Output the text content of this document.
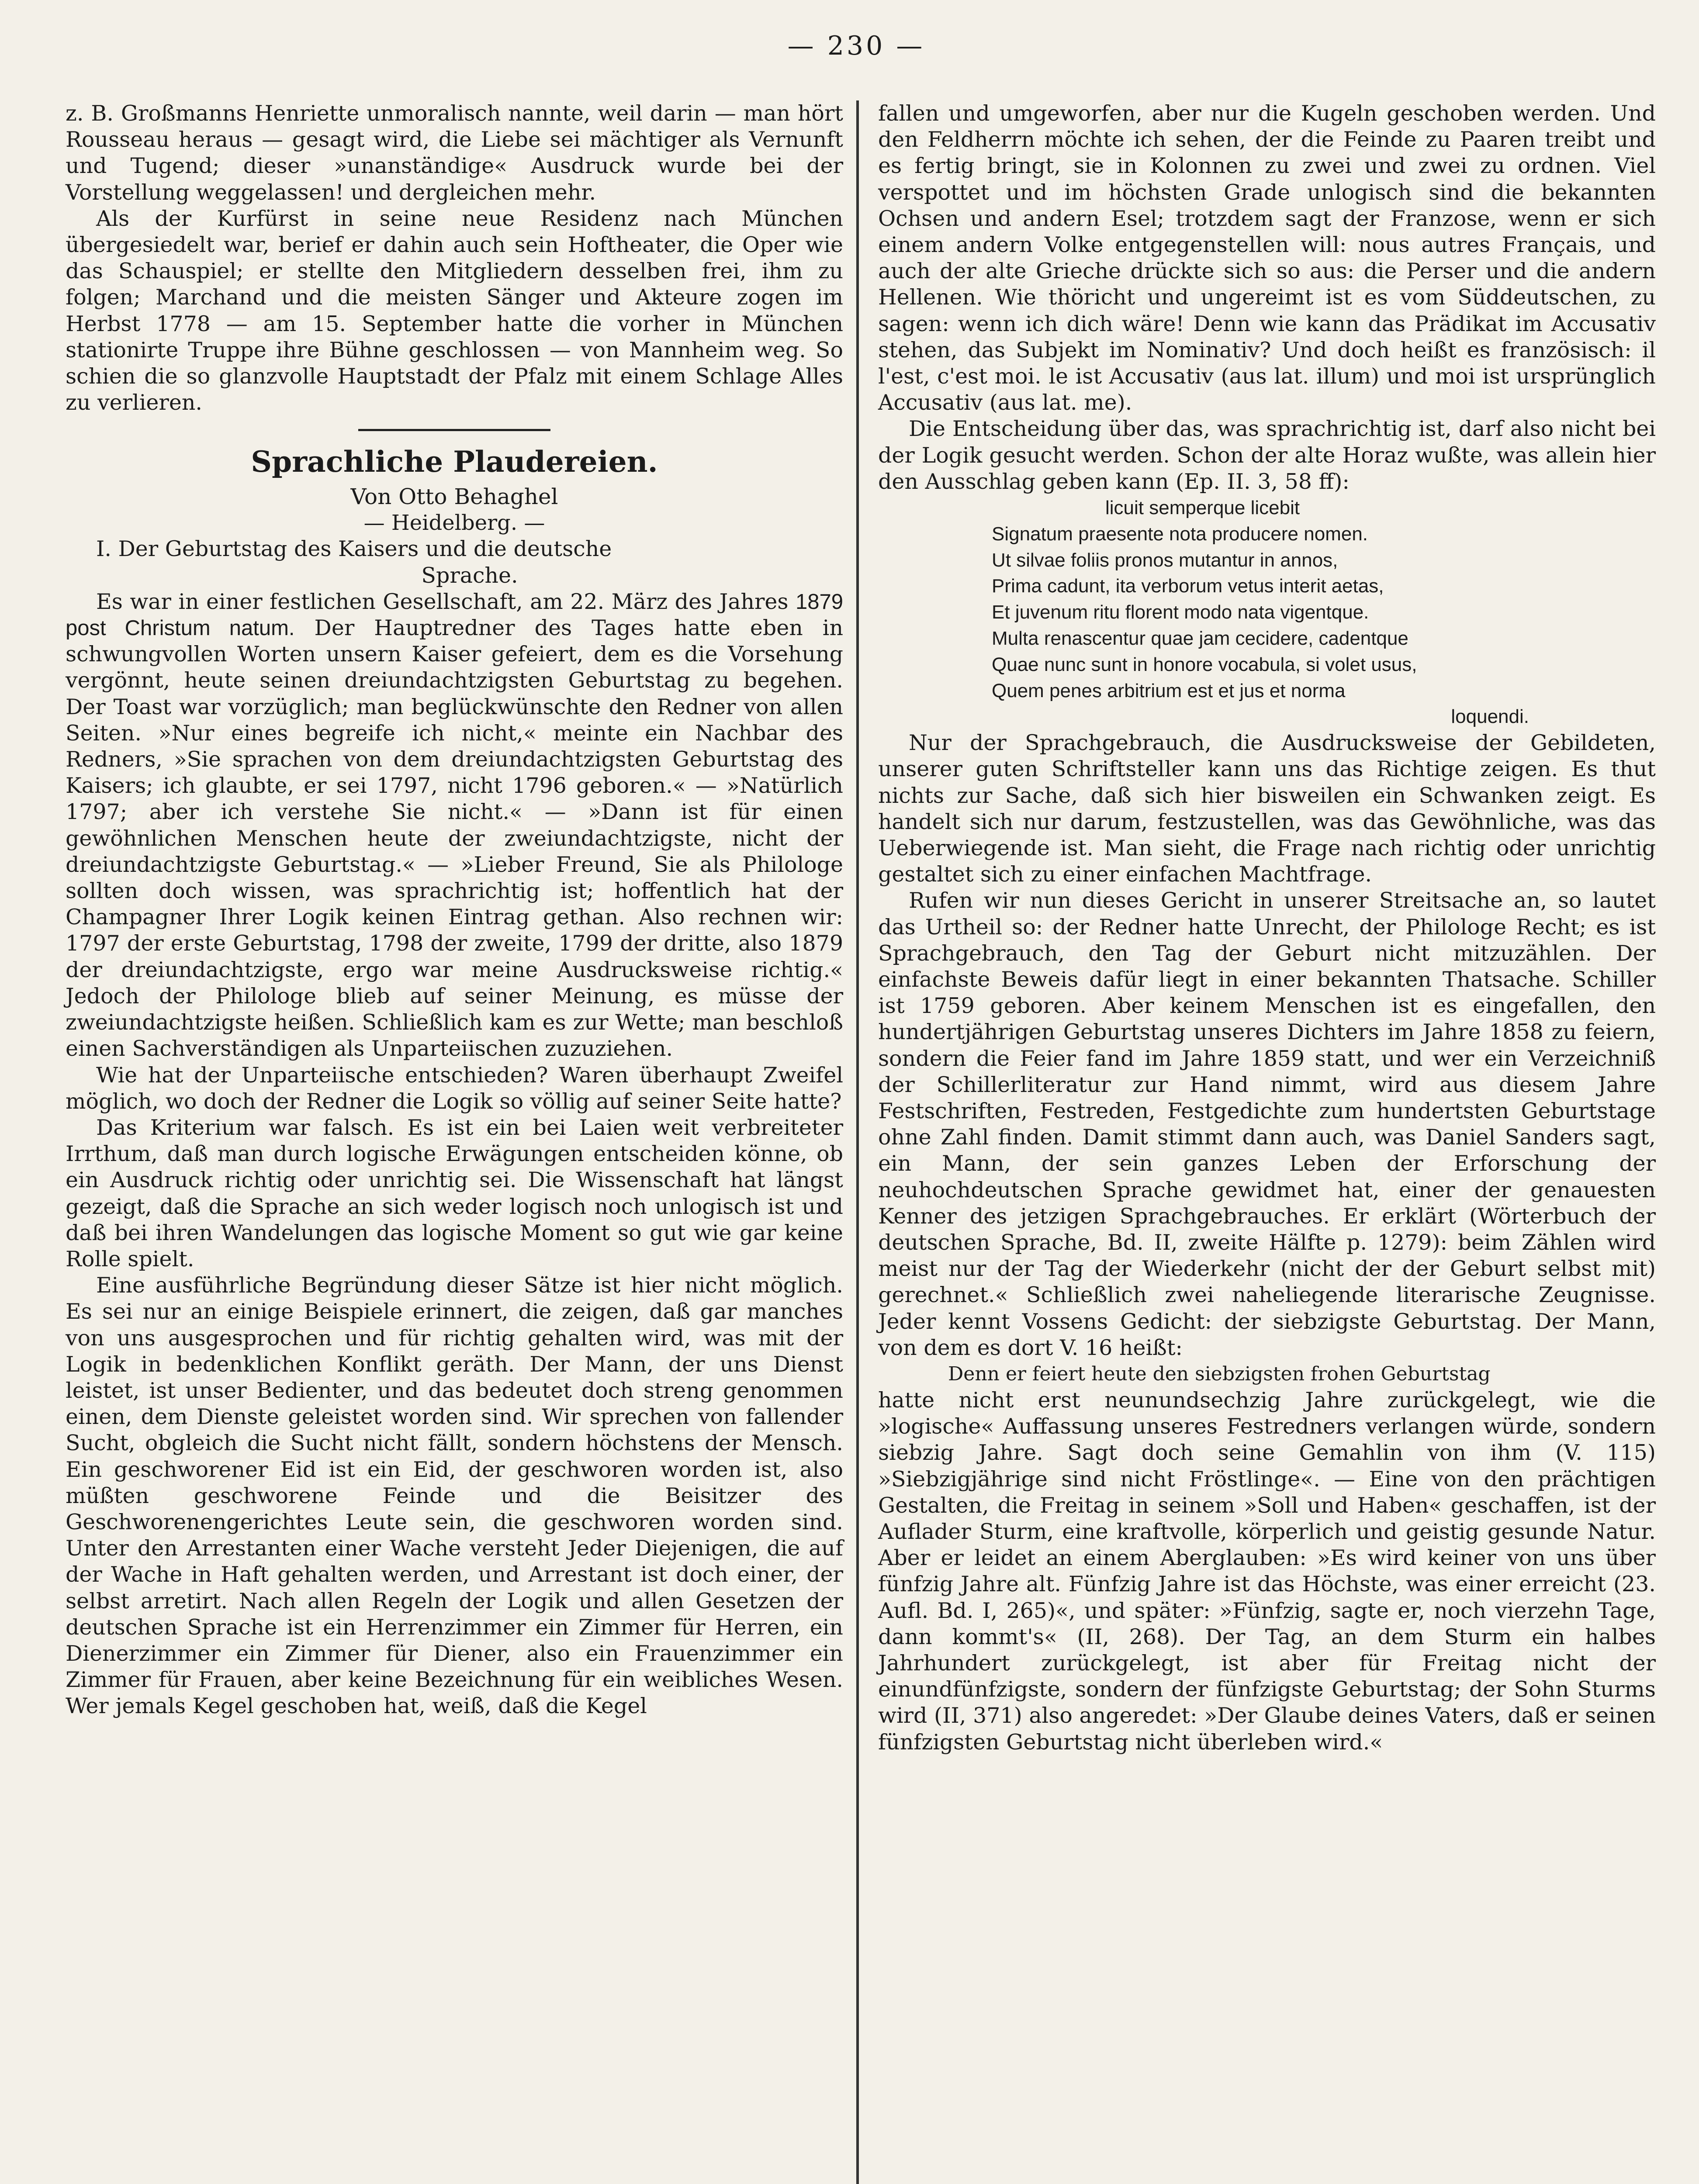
— 230 —

z. B. Großmanns Henriette unmoralisch nannte, weil darin — man hört Rousseau heraus — gesagt wird, die Liebe sei mächtiger als Vernunft und Tugend; dieser »unanständige« Ausdruck wurde bei der Vorstellung weggelassen! und dergleichen mehr.

Als der Kurfürst in seine neue Residenz nach München übergesiedelt war, berief er dahin auch sein Hoftheater, die Oper wie das Schauspiel; er stellte den Mitgliedern desselben frei, ihm zu folgen; Marchand und die meisten Sänger und Akteure zogen im Herbst 1778 — am 15. September hatte die vorher in München stationirte Truppe ihre Bühne geschlossen — von Mannheim weg. So schien die so glanzvolle Hauptstadt der Pfalz mit einem Schlage Alles zu verlieren.

Sprachliche Plaudereien.
Von Otto Behaghel
— Heidelberg. —

I. Der Geburtstag des Kaisers und die deutsche

Sprache.

Es war in einer festlichen Gesellschaft, am 22. März des Jahres 1879 post Christum natum. Der Hauptredner des Tages hatte eben in schwungvollen Worten unsern Kaiser gefeiert, dem es die Vorsehung vergönnt, heute seinen dreiundachtzigsten Geburtstag zu begehen. Der Toast war vorzüglich; man beglückwünschte den Redner von allen Seiten. »Nur eines begreife ich nicht,« meinte ein Nachbar des Redners, »Sie sprachen von dem dreiundachtzigsten Geburtstag des Kaisers; ich glaubte, er sei 1797, nicht 1796 geboren.« — »Natürlich 1797; aber ich verstehe Sie nicht.« — »Dann ist für einen gewöhnlichen Menschen heute der zweiundachtzigste, nicht der dreiundachtzigste Geburtstag.« — »Lieber Freund, Sie als Philologe sollten doch wissen, was sprachrichtig ist; hoffentlich hat der Champagner Ihrer Logik keinen Eintrag gethan. Also rechnen wir: 1797 der erste Geburtstag, 1798 der zweite, 1799 der dritte, also 1879 der dreiundachtzigste, ergo war meine Ausdrucksweise richtig.« Jedoch der Philologe blieb auf seiner Meinung, es müsse der zweiundachtzigste heißen. Schließlich kam es zur Wette; man beschloß einen Sachverständigen als Unparteiischen zuzuziehen.

Wie hat der Unparteiische entschieden? Waren überhaupt Zweifel möglich, wo doch der Redner die Logik so völlig auf seiner Seite hatte?

Das Kriterium war falsch. Es ist ein bei Laien weit verbreiteter Irrthum, daß man durch logische Erwägungen entscheiden könne, ob ein Ausdruck richtig oder unrichtig sei. Die Wissenschaft hat längst gezeigt, daß die Sprache an sich weder logisch noch unlogisch ist und daß bei ihren Wandelungen das logische Moment so gut wie gar keine Rolle spielt.

Eine ausführliche Begründung dieser Sätze ist hier nicht möglich. Es sei nur an einige Beispiele erinnert, die zeigen, daß gar manches von uns ausgesprochen und für richtig gehalten wird, was mit der Logik in bedenklichen Konflikt geräth. Der Mann, der uns Dienst leistet, ist unser Bedienter, und das bedeutet doch streng genommen einen, dem Dienste geleistet worden sind. Wir sprechen von fallender Sucht, obgleich die Sucht nicht fällt, sondern höchstens der Mensch. Ein geschworener Eid ist ein Eid, der geschworen worden ist, also müßten geschworene Feinde und die Beisitzer des Geschworenengerichtes Leute sein, die geschworen worden sind. Unter den Arrestanten einer Wache versteht Jeder Diejenigen, die auf der Wache in Haft gehalten werden, und Arrestant ist doch einer, der selbst arretirt. Nach allen Regeln der Logik und allen Gesetzen der deutschen Sprache ist ein Herrenzimmer ein Zimmer für Herren, ein Dienerzimmer ein Zimmer für Diener, also ein Frauenzimmer ein Zimmer für Frauen, aber keine Bezeichnung für ein weibliches Wesen. Wer jemals Kegel geschoben hat, weiß, daß die Kegel

fallen und umgeworfen, aber nur die Kugeln geschoben werden. Und den Feldherrn möchte ich sehen, der die Feinde zu Paaren treibt und es fertig bringt, sie in Kolonnen zu zwei und zwei zu ordnen. Viel verspottet und im höchsten Grade unlogisch sind die bekannten Ochsen und andern Esel; trotzdem sagt der Franzose, wenn er sich einem andern Volke entgegenstellen will: nous autres Français, und auch der alte Grieche drückte sich so aus: die Perser und die andern Hellenen. Wie thöricht und ungereimt ist es vom Süddeutschen, zu sagen: wenn ich dich wäre! Denn wie kann das Prädikat im Accusativ stehen, das Subjekt im Nominativ? Und doch heißt es französisch: il l'est, c'est moi. le ist Accusativ (aus lat. illum) und moi ist ursprünglich Accusativ (aus lat. me).

Die Entscheidung über das, was sprachrichtig ist, darf also nicht bei der Logik gesucht werden. Schon der alte Horaz wußte, was allein hier den Ausschlag geben kann (Ep. II. 3, 58 ff):

licuit semperque licebit
Signatum praesente nota producere nomen.
Ut silvae foliis pronos mutantur in annos,
Prima cadunt, ita verborum vetus interit aetas,
Et juvenum ritu florent modo nata vigentque.
Multa renascentur quae jam cecidere, cadentque
Quae nunc sunt in honore vocabula, si volet usus,
Quem penes arbitrium est et jus et norma
loquendi.

Nur der Sprachgebrauch, die Ausdrucksweise der Gebildeten, unserer guten Schriftsteller kann uns das Richtige zeigen. Es thut nichts zur Sache, daß sich hier bisweilen ein Schwanken zeigt. Es handelt sich nur darum, festzustellen, was das Gewöhnliche, was das Ueberwiegende ist. Man sieht, die Frage nach richtig oder unrichtig gestaltet sich zu einer einfachen Machtfrage.

Rufen wir nun dieses Gericht in unserer Streitsache an, so lautet das Urtheil so: der Redner hatte Unrecht, der Philologe Recht; es ist Sprachgebrauch, den Tag der Geburt nicht mitzuzählen. Der einfachste Beweis dafür liegt in einer bekannten Thatsache. Schiller ist 1759 geboren. Aber keinem Menschen ist es eingefallen, den hundertjährigen Geburtstag unseres Dichters im Jahre 1858 zu feiern, sondern die Feier fand im Jahre 1859 statt, und wer ein Verzeichniß der Schillerliteratur zur Hand nimmt, wird aus diesem Jahre Festschriften, Festreden, Festgedichte zum hundertsten Geburtstage ohne Zahl finden. Damit stimmt dann auch, was Daniel Sanders sagt, ein Mann, der sein ganzes Leben der Erforschung der neuhochdeutschen Sprache gewidmet hat, einer der genauesten Kenner des jetzigen Sprachgebrauches. Er erklärt (Wörterbuch der deutschen Sprache, Bd. II, zweite Hälfte p. 1279): beim Zählen wird meist nur der Tag der Wiederkehr (nicht der der Geburt selbst mit) gerechnet.« Schließlich zwei naheliegende literarische Zeugnisse. Jeder kennt Vossens Gedicht: der siebzigste Geburtstag. Der Mann, von dem es dort V. 16 heißt:

Denn er feiert heute den siebzigsten frohen Geburtstag

hatte nicht erst neunundsechzig Jahre zurückgelegt, wie die »logische« Auffassung unseres Festredners verlangen würde, sondern siebzig Jahre. Sagt doch seine Gemahlin von ihm (V. 115) »Siebzigjährige sind nicht Fröstlinge«. — Eine von den prächtigen Gestalten, die Freitag in seinem »Soll und Haben« geschaffen, ist der Auflader Sturm, eine kraftvolle, körperlich und geistig gesunde Natur. Aber er leidet an einem Aberglauben: »Es wird keiner von uns über fünfzig Jahre alt. Fünfzig Jahre ist das Höchste, was einer erreicht (23. Aufl. Bd. I, 265)«, und später: »Fünfzig, sagte er, noch vierzehn Tage, dann kommt's« (II, 268). Der Tag, an dem Sturm ein halbes Jahrhundert zurückgelegt, ist aber für Freitag nicht der einundfünfzigste, sondern der fünfzigste Geburtstag; der Sohn Sturms wird (II, 371) also angeredet: »Der Glaube deines Vaters, daß er seinen fünfzigsten Geburtstag nicht überleben wird.«
